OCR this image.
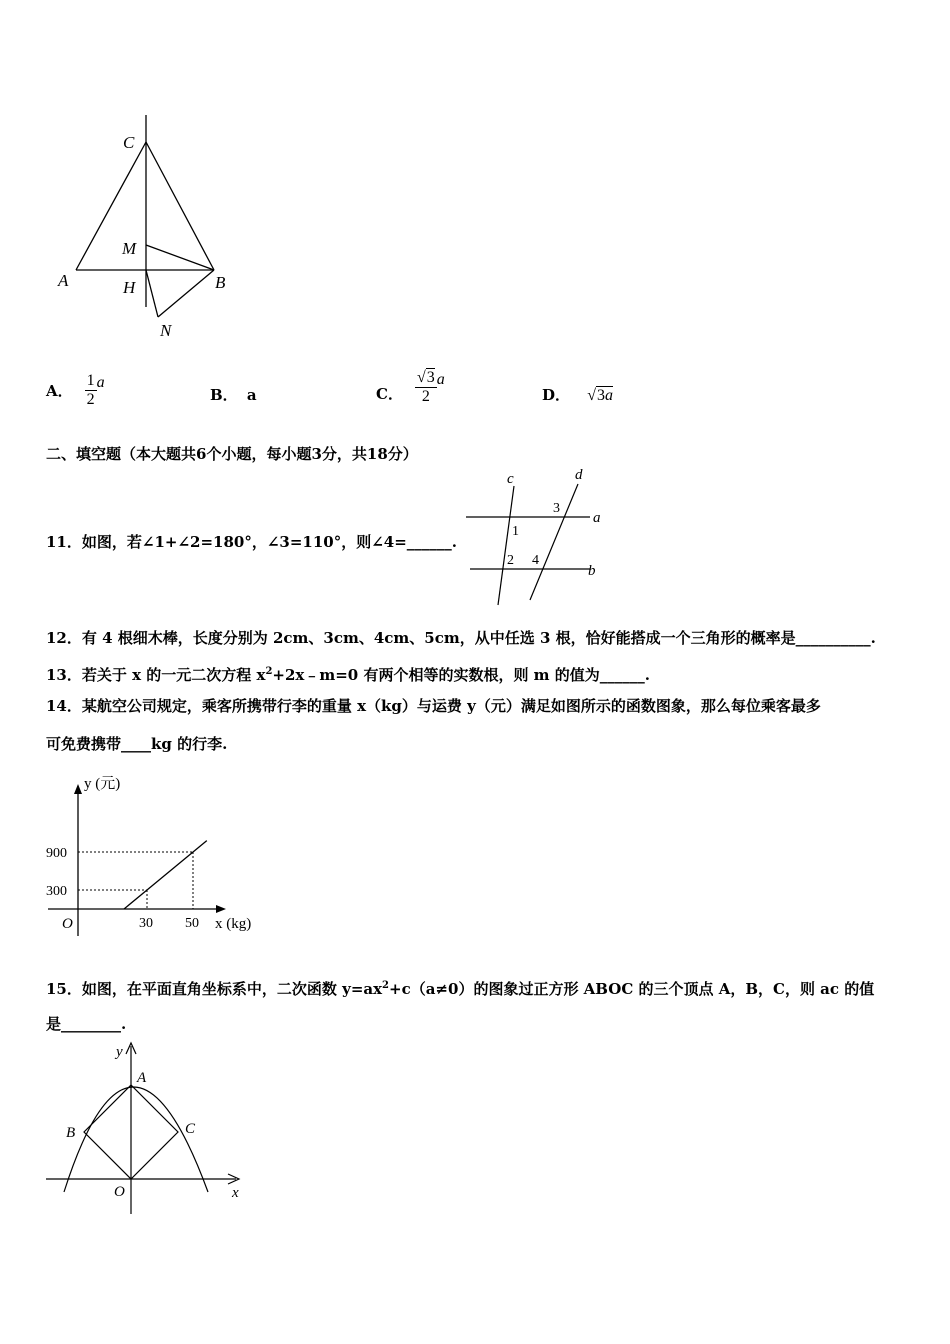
C
M
A	H	B
N
A． $\frac{1}{2}$ a
B． a	C． $\frac{√3}{2}$ a
D． √3a
二、填空题（本大题共6个小题，每小题3分，共18分）
11．如图，若∠1+∠2=180°，∠3=110°，则∠4=______.
c	d
a
b
1
2
3
4
12．有 4 根细木棒，长度分别为 2cm、3cm、4cm、5cm，从中任选 3 根，恰好能搭成一个三角形的概率是__________.
13．若关于 x 的一元二次方程 $x^2+2x﹣m=0$ 有两个相等的实数根，则 m 的值为______.
14．某航空公司规定，乘客所携带行李的重量 x（kg）与运费 y（元）满足如图所示的函数图象，那么每位乘客最多
可免费携带____kg 的行李.
y (元)
x (kg)
O
900
300
30 50
15．如图，在平面直角坐标系中，二次函数 $y=ax^2+c(a\ne 0)$的图象过正方形 ABOC 的三个顶点 A，B，C，则 ac 的值
是________.
y
A
B	C
O	x
